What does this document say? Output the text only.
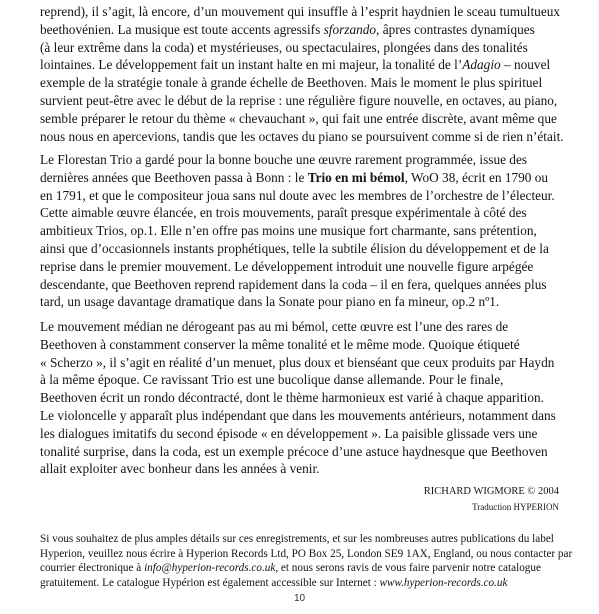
reprend), il s’agit, là encore, d’un mouvement qui insuffle à l’esprit haydnien le sceau tumultueux
beethovénien. La musique est toute accents agressifs sforzando, âpres contrastes dynamiques
(à leur extrême dans la coda) et mystérieuses, ou spectaculaires, plongées dans des tonalités
lointaines. Le développement fait un instant halte en mi majeur, la tonalité de l’Adagio – nouvel
exemple de la stratégie tonale à grande échelle de Beethoven. Mais le moment le plus spirituel
survient peut-être avec le début de la reprise : une régulière figure nouvelle, en octaves, au piano,
semble préparer le retour du thème « chevauchant », qui fait une entrée discrète, avant même que
nous nous en apercevions, tandis que les octaves du piano se poursuivent comme si de rien n’était.
Le Florestan Trio a gardé pour la bonne bouche une œuvre rarement programmée, issue des
dernières années que Beethoven passa à Bonn : le Trio en mi bémol, WoO 38, écrit en 1790 ou
en 1791, et que le compositeur joua sans nul doute avec les membres de l’orchestre de l’électeur.
Cette aimable œuvre élancée, en trois mouvements, paraît presque expérimentale à côté des
ambitieux Trios, op.1. Elle n’en offre pas moins une musique fort charmante, sans prétention,
ainsi que d’occasionnels instants prophétiques, telle la subtile élision du développement et de la
reprise dans le premier mouvement. Le développement introduit une nouvelle figure arpégée
descendante, que Beethoven reprend rapidement dans la coda – il en fera, quelques années plus
tard, un usage davantage dramatique dans la Sonate pour piano en fa mineur, op.2 nº1.
Le mouvement médian ne dérogeant pas au mi bémol, cette œuvre est l’une des rares de
Beethoven à constamment conserver la même tonalité et le même mode. Quoique étiqueté
« Scherzo », il s’agit en réalité d’un menuet, plus doux et bienséant que ceux produits par Haydn
à la même époque. Ce ravissant Trio est une bucolique danse allemande. Pour le finale,
Beethoven écrit un rondo décontracté, dont le thème harmonieux est varié à chaque apparition.
Le violoncelle y apparaît plus indépendant que dans les mouvements antérieurs, notamment dans
les dialogues imitatifs du second épisode « en développement ». La paisible glissade vers une
tonalité surprise, dans la coda, est un exemple précoce d’une astuce haydnesque que Beethoven
allait exploiter avec bonheur dans les années à venir.
RICHARD WIGMORE © 2004
Traduction HYPERION
Si vous souhaitez de plus amples détails sur ces enregistrements, et sur les nombreuses autres publications du label
Hyperion, veuillez nous écrire à Hyperion Records Ltd, PO Box 25, London SE9 1AX, England, ou nous contacter par
courrier électronique à info@hyperion-records.co.uk, et nous serons ravis de vous faire parvenir notre catalogue
gratuitement. Le catalogue Hypérion est également accessible sur Internet : www.hyperion-records.co.uk
10
